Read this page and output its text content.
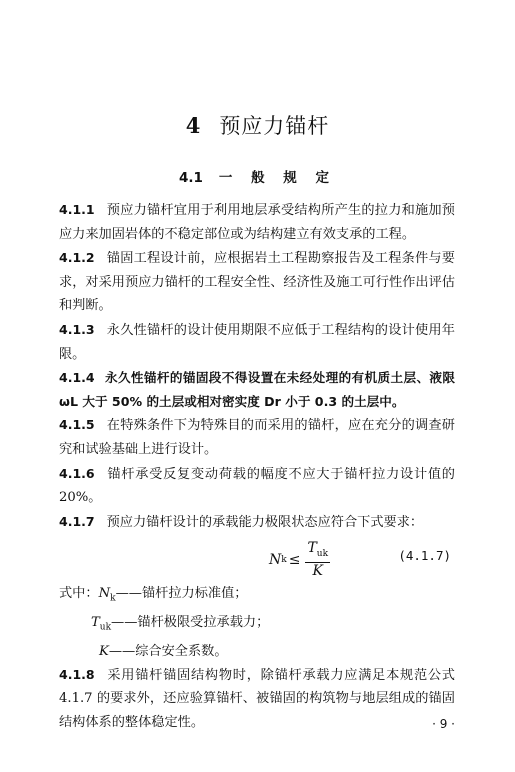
4 预应力锚杆
4.1 一 般 规 定

4.1.1 预应力锚杆宜用于利用地层承受结构所产生的拉力和施加预应力来加固岩体的不稳定部位或为结构建立有效支承的工程。

4.1.2 锚固工程设计前，应根据岩土工程勘察报告及工程条件与要求，对采用预应力锚杆的工程安全性、经济性及施工可行性作出评估和判断。

4.1.3 永久性锚杆的设计使用期限不应低于工程结构的设计使用年限。

4.1.4 永久性锚杆的锚固段不得设置在未经处理的有机质土层、液限 ωL 大于 50% 的土层或相对密实度 Dr 小于 0.3 的土层中。

4.1.5 在特殊条件下为特殊目的而采用的锚杆，应在充分的调查研究和试验基础上进行设计。

4.1.6 锚杆承受反复变动荷载的幅度不应大于锚杆拉力设计值的 20%。

4.1.7 预应力锚杆设计的承载能力极限状态应符合下式要求：

N $k \le \frac{T_{uk}}{K}$	(4.1.7)
式中：$N_k——$锚杆拉力标准值；
$T_{uk}——$锚杆极限受拉承载力；
K——综合安全系数。

4.1.8 采用锚杆锚固结构物时，除锚杆承载力应满足本规范公式 4.1.7 的要求外，还应验算锚杆、被锚固的构筑物与地层组成的锚固结构体系的整体稳定性。	· 9 ·
